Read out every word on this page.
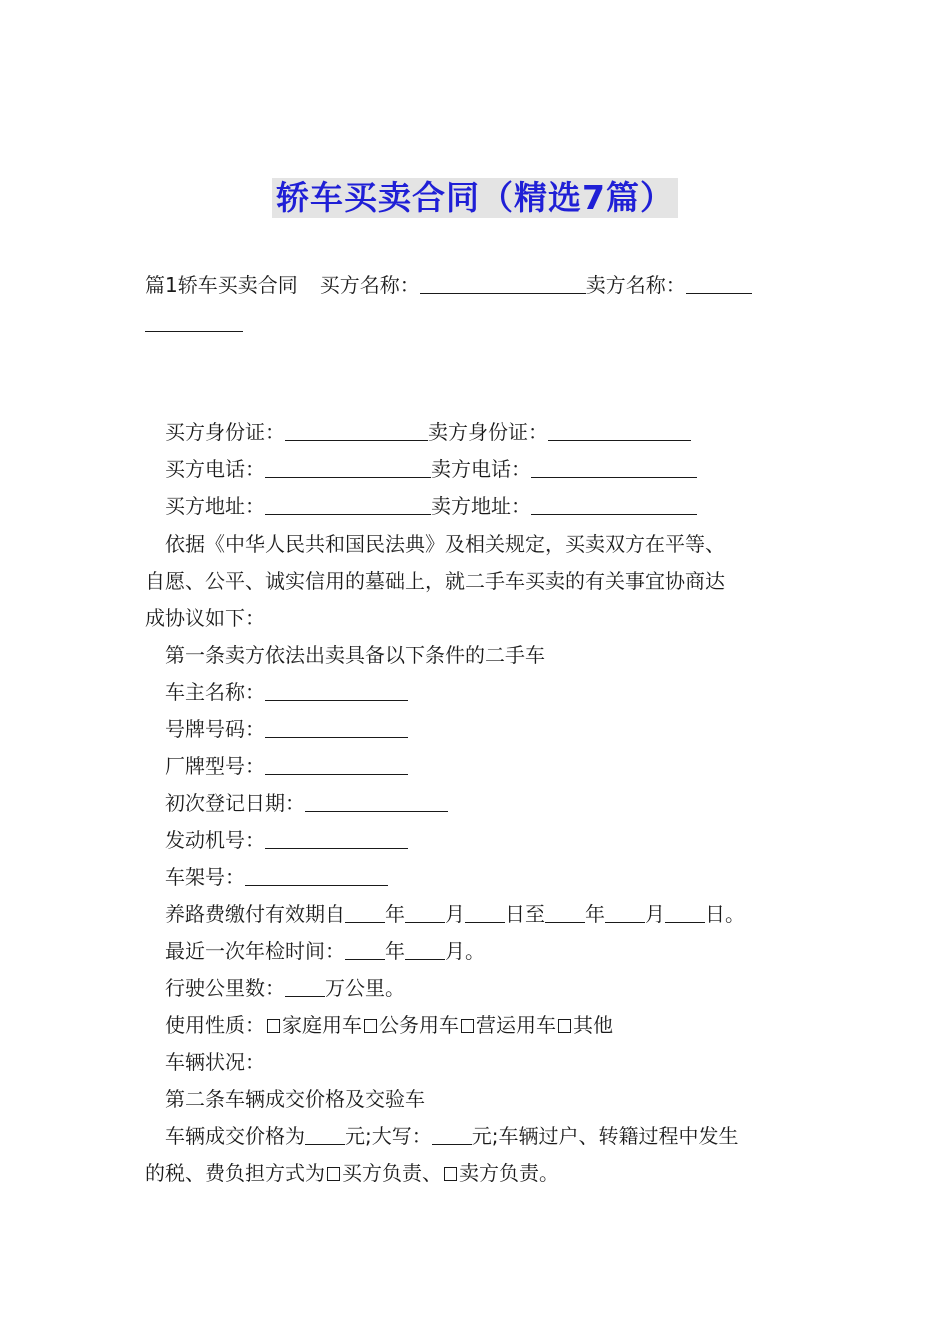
轿车买卖合同（精选7篇）
篇1轿车买卖合同 买方名称：	卖方名称：
买方身份证：	卖方身份证：
买方电话：	卖方电话：
买方地址：	卖方地址：
依据《中华人民共和国民法典》及相关规定，买卖双方在平等、
自愿、公平、诚实信用的墓础上，就二手车买卖的有关事宜协商达
成协议如下：
第一条卖方依法出卖具备以下条件的二手车
车主名称：
号牌号码：
厂牌型号：
初次登记日期：
发动机号：
车架号：
养路费缴付有效期自 年 月 日至 年 月 日。
最近一次年检时间： 年 月。
行驶公里数： 万公里。
使用性质： 家庭用车 公务用车 营运用车 其他
车辆状况：
第二条车辆成交价格及交验车
车辆成交价格为 元;大写： 元;车辆过户、转籍过程中发生
的税、费负担方式为 买方负责、 卖方负责。
